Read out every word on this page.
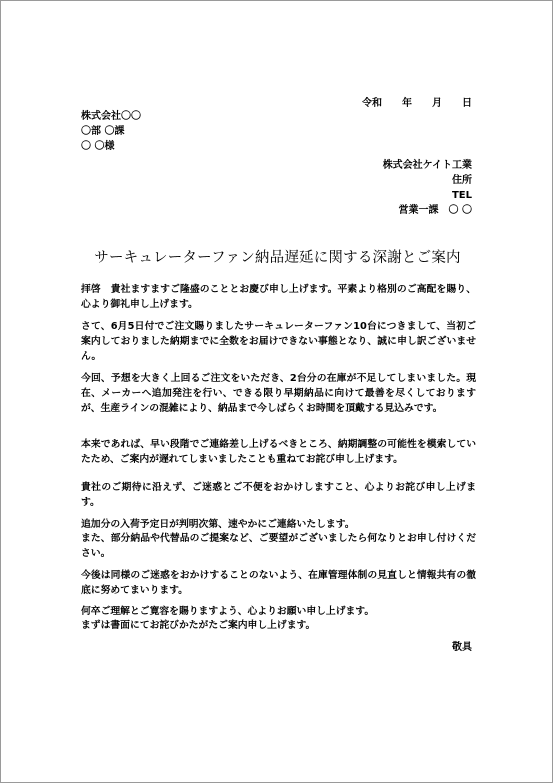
令和　　年　　月　　日
株式会社〇〇
〇部 〇課
〇 〇様
株式会社ケイト工業
住所
TEL
営業一課　〇 〇
サーキュレーターファン納品遅延に関する深謝とご案内
拝啓　貴社ますますご隆盛のこととお慶び申し上げます。平素より格別のご高配を賜り、心より御礼申し上げます。
さて、6月5日付でご注文賜りましたサーキュレーターファン10台につきまして、当初ご案内しておりました納期までに全数をお届けできない事態となり、誠に申し訳ございません。
今回、予想を大きく上回るご注文をいただき、2台分の在庫が不足してしまいました。現在、メーカーへ追加発注を行い、できる限り早期納品に向けて最善を尽くしておりますが、生産ラインの混雑により、納品まで今しばらくお時間を頂戴する見込みです。
本来であれば、早い段階でご連絡差し上げるべきところ、納期調整の可能性を模索していたため、ご案内が遅れてしまいましたことも重ねてお詫び申し上げます。
貴社のご期待に沿えず、ご迷惑とご不便をおかけしますこと、心よりお詫び申し上げます。
追加分の入荷予定日が判明次第、速やかにご連絡いたします。
また、部分納品や代替品のご提案など、ご要望がございましたら何なりとお申し付けください。
今後は同様のご迷惑をおかけすることのないよう、在庫管理体制の見直しと情報共有の徹底に努めてまいります。
何卒ご理解とご寛容を賜りますよう、心よりお願い申し上げます。
まずは書面にてお詫びかたがたご案内申し上げます。
敬具
